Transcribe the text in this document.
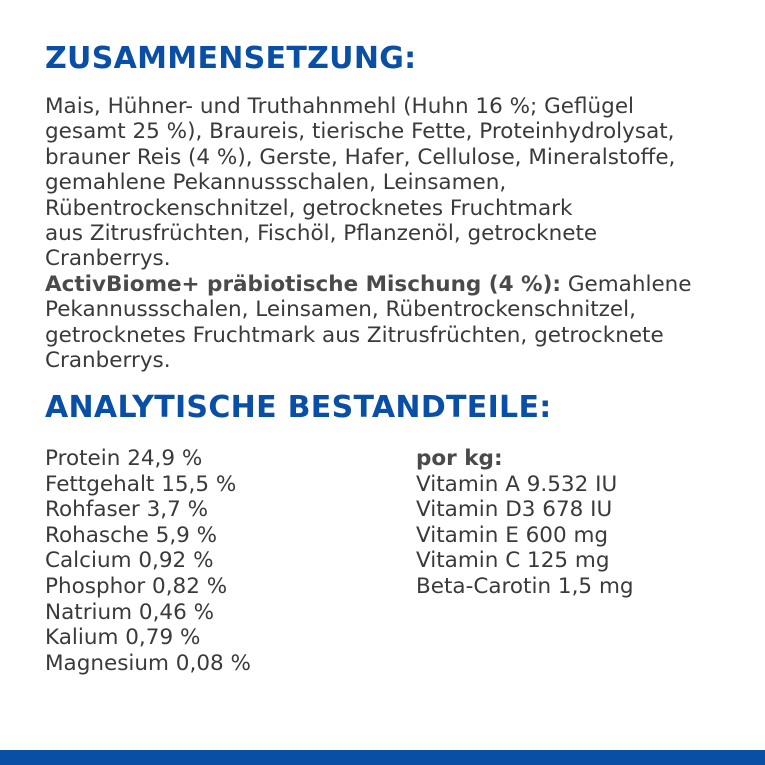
ZUSAMMENSETZUNG:
Mais, Hühner- und Truthahnmehl (Huhn 16 %; Geflügel
gesamt 25 %), Braureis, tierische Fette, Proteinhydrolysat,
brauner Reis (4 %), Gerste, Hafer, Cellulose, Mineralstoffe,
gemahlene Pekannussschalen, Leinsamen,
Rübentrockenschnitzel, getrocknetes Fruchtmark
aus Zitrusfrüchten, Fischöl, Pflanzenöl, getrocknete
Cranberrys.
ActivBiome+ präbiotische Mischung (4 %): Gemahlene
Pekannussschalen, Leinsamen, Rübentrockenschnitzel,
getrocknetes Fruchtmark aus Zitrusfrüchten, getrocknete
Cranberrys.
ANALYTISCHE BESTANDTEILE:
Protein 24,9 %
Fettgehalt 15,5 %
Rohfaser 3,7 %
Rohasche 5,9 %
Calcium 0,92 %
Phosphor 0,82 %
Natrium 0,46 %
Kalium 0,79 %
Magnesium 0,08 %
por kg:
Vitamin A 9.532 IU
Vitamin D3 678 IU
Vitamin E 600 mg
Vitamin C 125 mg
Beta-Carotin 1,5 mg
